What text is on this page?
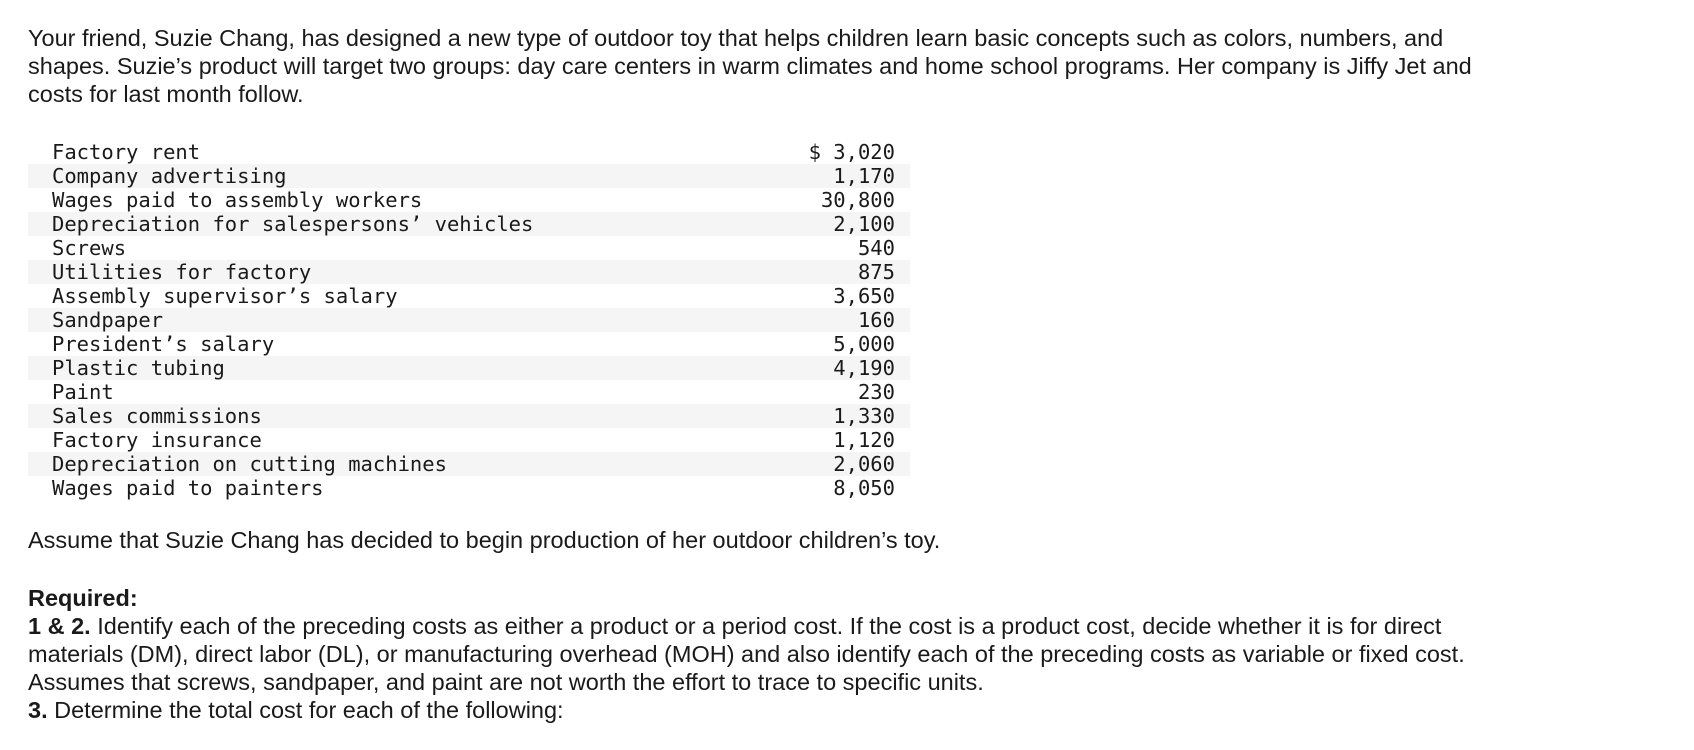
Your friend, Suzie Chang, has designed a new type of outdoor toy that helps children learn basic concepts such as colors, numbers, and shapes. Suzie’s product will target two groups: day care centers in warm climates and home school programs. Her company is Jiffy Jet and costs for last month follow.

Factory rent	$ 3,020
Company advertising	1,170
Wages paid to assembly workers	30,800
Depreciation for salespersons’ vehicles	2,100
Screws	540
Utilities for factory	875
Assembly supervisor’s salary	3,650
Sandpaper	160
President’s salary	5,000
Plastic tubing	4,190
Paint	230
Sales commissions	1,330
Factory insurance	1,120
Depreciation on cutting machines	2,060
Wages paid to painters	8,050

Assume that Suzie Chang has decided to begin production of her outdoor children’s toy.

Required:

1 & 2. Identify each of the preceding costs as either a product or a period cost. If the cost is a product cost, decide whether it is for direct materials (DM), direct labor (DL), or manufacturing overhead (MOH) and also identify each of the preceding costs as variable or fixed cost. Assumes that screws, sandpaper, and paint are not worth the effort to trace to specific units.

3. Determine the total cost for each of the following:
